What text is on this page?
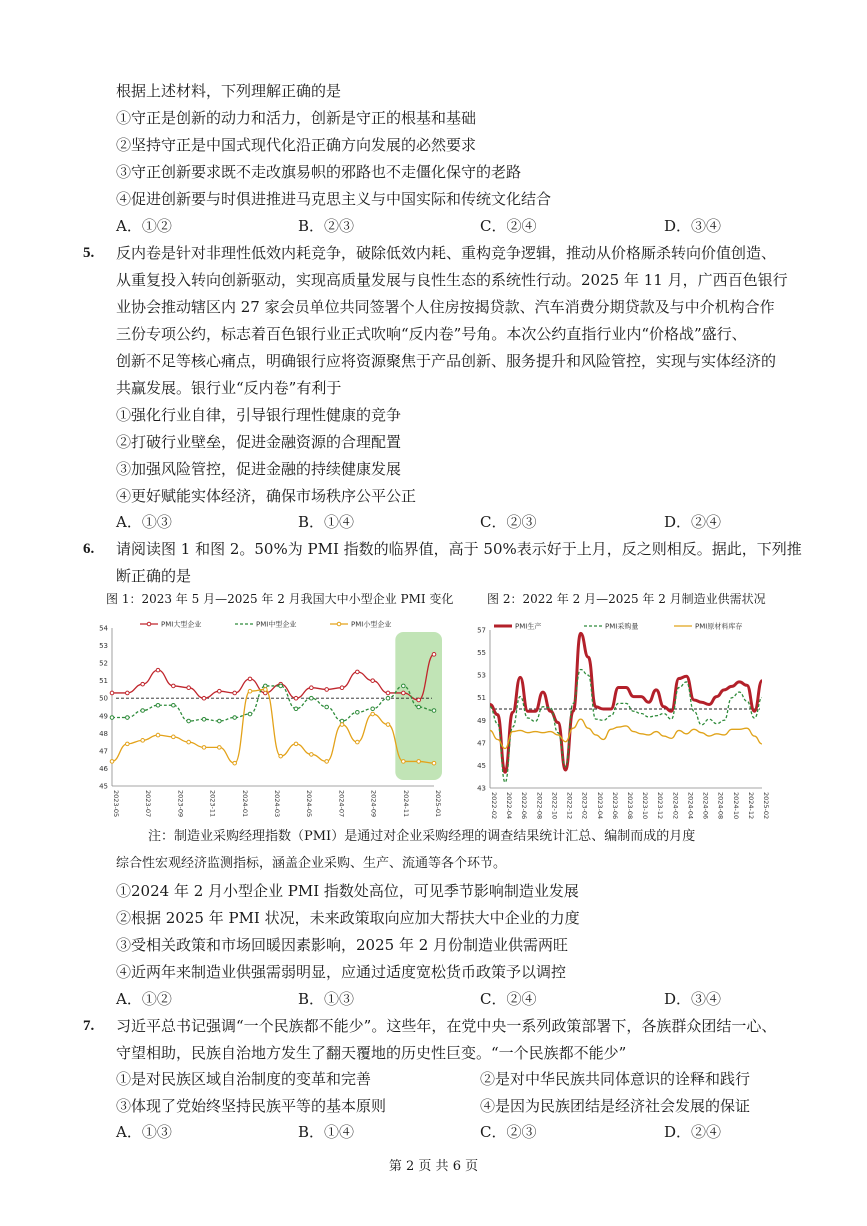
根据上述材料，下列理解正确的是
①守正是创新的动力和活力，创新是守正的根基和基础
②坚持守正是中国式现代化沿正确方向发展的必然要求
③守正创新要求既不走改旗易帜的邪路也不走僵化保守的老路
④促进创新要与时俱进推进马克思主义与中国实际和传统文化结合
A．①②	B．②③	C．②④	D．③④
5. 反内卷是针对非理性低效内耗竞争，破除低效内耗、重构竞争逻辑，推动从价格厮杀转向价值创造、
从重复投入转向创新驱动，实现高质量发展与良性生态的系统性行动。2025 年 11 月，广西百色银行
业协会推动辖区内 27 家会员单位共同签署个人住房按揭贷款、汽车消费分期贷款及与中介机构合作
三份专项公约，标志着百色银行业正式吹响“反内卷”号角。本次公约直指行业内“价格战”盛行、
创新不足等核心痛点，明确银行应将资源聚焦于产品创新、服务提升和风险管控，实现与实体经济的
共赢发展。银行业“反内卷”有利于
①强化行业自律，引导银行理性健康的竞争
②打破行业壁垒，促进金融资源的合理配置
③加强风险管控，促进金融的持续健康发展
④更好赋能实体经济，确保市场秩序公平公正
A．①③	B．①④	C．②③	D．②④
6. 请阅读图 1 和图 2。50%为 PMI 指数的临界值，高于 50%表示好于上月，反之则相反。据此，下列推
断正确的是
图 1：2023 年 5 月—2025 年 2 月我国大中小型企业 PMI 变化
45
46
47
48
49
50
51
52
53
54
2023-05	2023-07	2023-09	2023-11	2024-01	2024-03	2024-05	2024-07	2024-09	2024-11	2025-01
PMI大型企业	PMI中型企业	PMI小型企业
图 2：2022 年 2 月—2025 年 2 月制造业供需状况
43
45
47
49
51
53
55
57
2022-02 2022-04 2022-06 2022-08 2022-10 2022-12 2023-02 2023-04 2023-06 2023-08 2023-10 2023-12 2024-02 2024-04 2024-06 2024-08 2024-10 2024-12 2025-02
PMI生产	PMI采购量	PMI原材料库存
注：制造业采购经理指数（PMI）是通过对企业采购经理的调查结果统计汇总、编制而成的月度
综合性宏观经济监测指标，涵盖企业采购、生产、流通等各个环节。
①2024 年 2 月小型企业 PMI 指数处高位，可见季节影响制造业发展
②根据 2025 年 PMI 状况，未来政策取向应加大帮扶大中企业的力度
③受相关政策和市场回暖因素影响，2025 年 2 月份制造业供需两旺
④近两年来制造业供强需弱明显，应通过适度宽松货币政策予以调控
A．①②	B．①③	C．②④	D．③④
7. 习近平总书记强调“一个民族都不能少”。这些年，在党中央一系列政策部署下，各族群众团结一心、
守望相助，民族自治地方发生了翻天覆地的历史性巨变。“一个民族都不能少”
①是对民族区域自治制度的变革和完善	②是对中华民族共同体意识的诠释和践行
③体现了党始终坚持民族平等的基本原则	④是因为民族团结是经济社会发展的保证
A．①③	B．①④	C．②③	D．②④
第 2 页 共 6 页
